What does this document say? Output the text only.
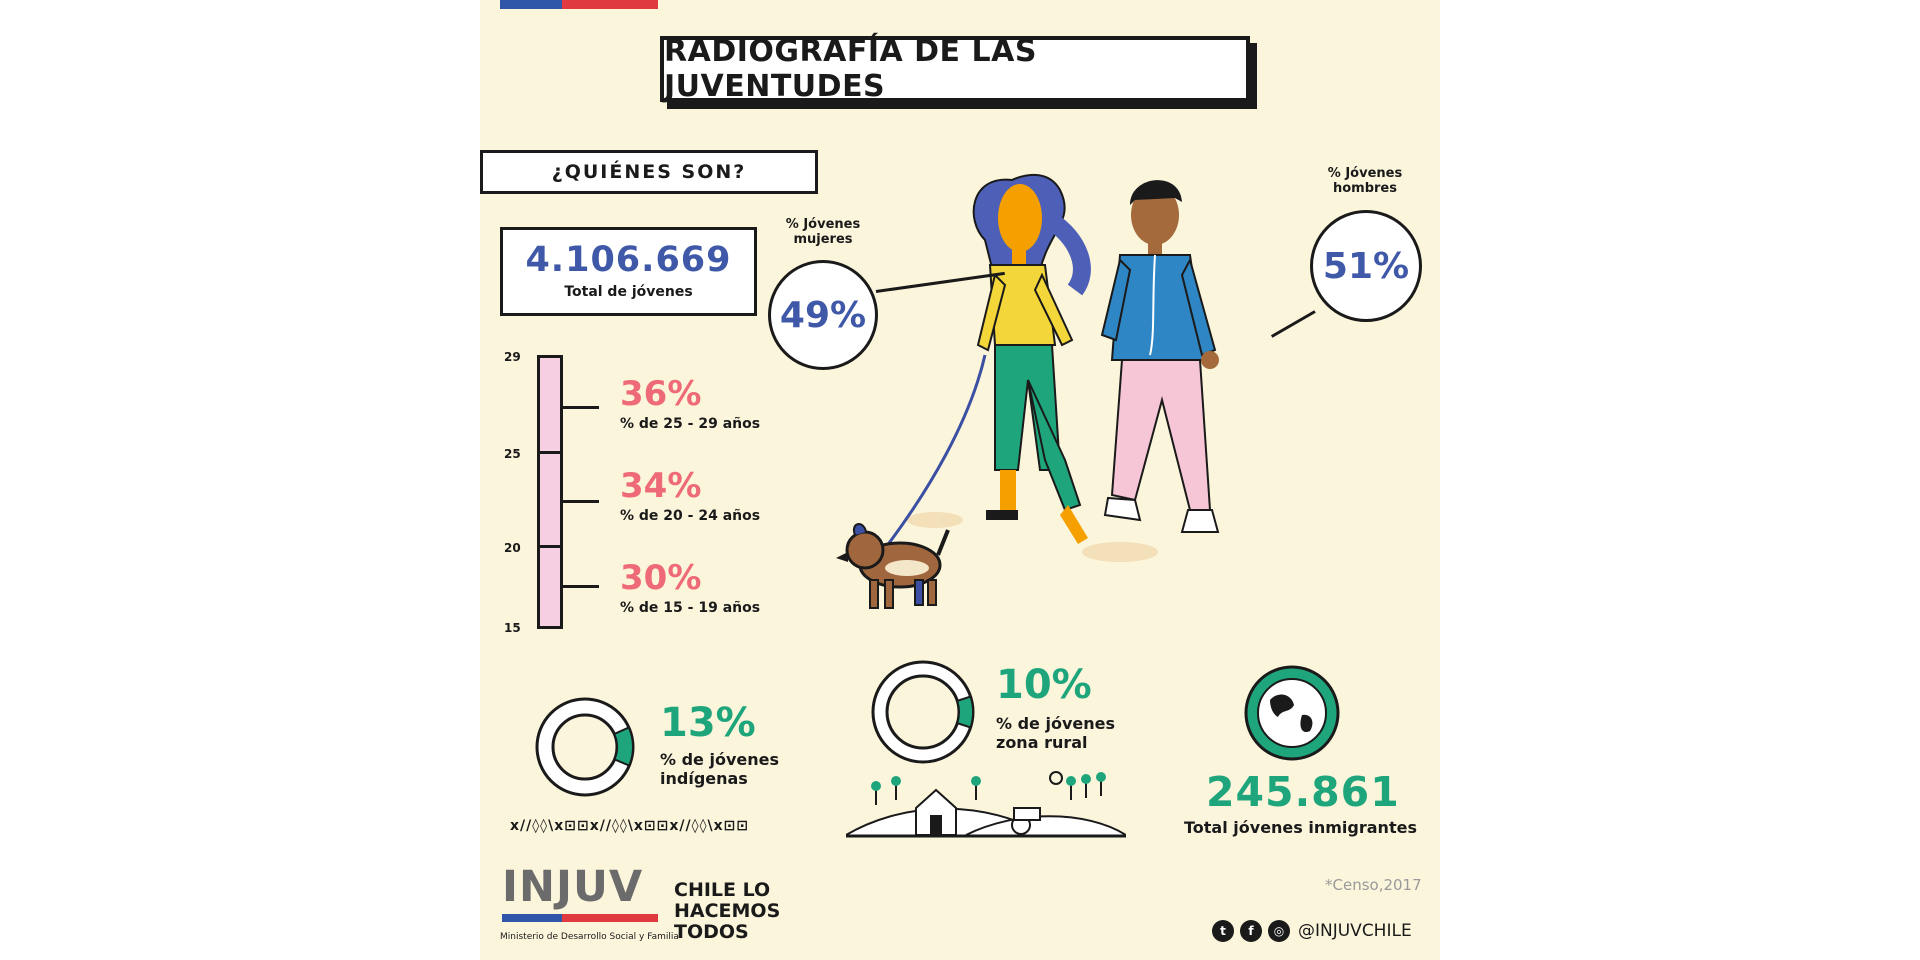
RADIOGRAFÍA DE LAS JUVENTUDES
¿QUIÉNES SON?
4.106.669
Total de jóvenes
29
25
20
15
36%
% de 25 - 29 años
34%
% de 20 - 24 años
30%
% de 15 - 19 años
% Jóvenes
mujeres
49%
% Jóvenes
hombres
51%
13%
% de jóvenes
indígenas
x//◊◊\x⊡⊡x//◊◊\x⊡⊡x//◊◊\x⊡⊡
10%
% de jóvenes
zona rural
245.861
Total jóvenes inmigrantes
*Censo,2017
INJUV
Ministerio de Desarrollo Social y Familia
CHILE LO
HACEMOS
TODOS	t	f	◎ @INJUVCHILE
